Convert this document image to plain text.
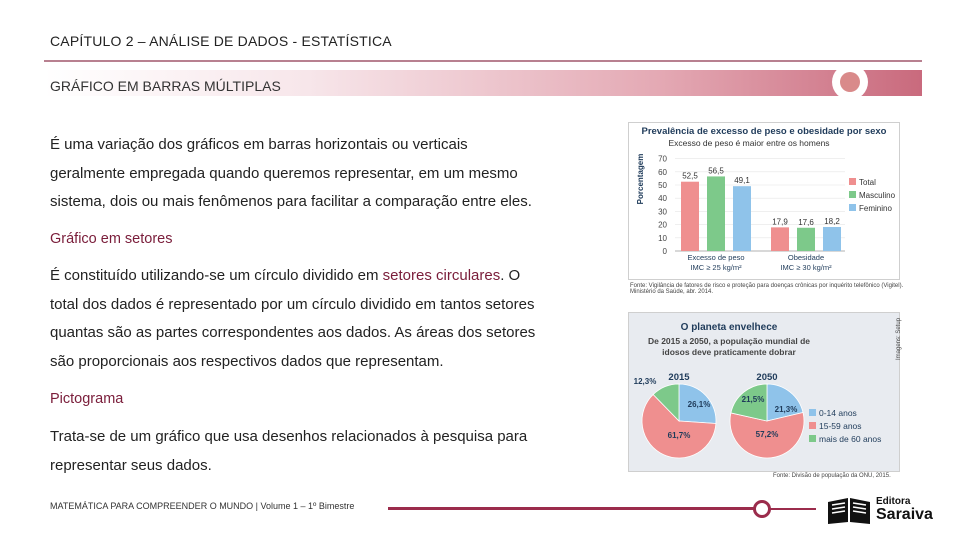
CAPÍTULO 2 – ANÁLISE DE DADOS - ESTATÍSTICA
GRÁFICO EM BARRAS MÚLTIPLAS
É uma variação dos gráficos em barras horizontais ou verticais
geralmente empregada quando queremos representar, em um mesmo
sistema, dois ou mais fenômenos para facilitar a comparação entre eles.
Gráfico em setores
É constituído utilizando-se um círculo dividido em setores circulares. O
total dos dados é representado por um círculo dividido em tantos setores
quantas são as partes correspondentes aos dados. As áreas dos setores
são proporcionais aos respectivos dados que representam.
Pictograma
Trata-se de um gráfico que usa desenhos relacionados à pesquisa para
representar seus dados.
Prevalência de excesso de peso e obesidade por sexo
Excesso de peso é maior entre os homens
Porcentagem
0
10
20
30
40
50
60
70
52,5
17,9
56,5
17,6
49,1
18,2
Excesso de peso
IMC ≥ 25 kg/m²
Obesidade
IMC ≥ 30 kg/m²
Total
Masculino
Feminino
Fonte: Vigilância de fatores de risco e proteção para doenças crônicas por inquérito telefônico (Vigitel). Ministério da Saúde, abr. 2014.
O planeta envelhece
De 2015 a 2050, a população mundial de
idosos deve praticamente dobrar
2015
26,1%
61,7%
12,3%	2050
21,3%
57,2%
21,5%
0-14 anos
15-59 anos
mais de 60 anos
Imagens: Setup
Fonte: Divisão de população da ONU, 2015.
MATEMÁTICA PARA COMPREENDER O MUNDO | Volume 1 – 1º Bimestre	Editora
Saraiva
